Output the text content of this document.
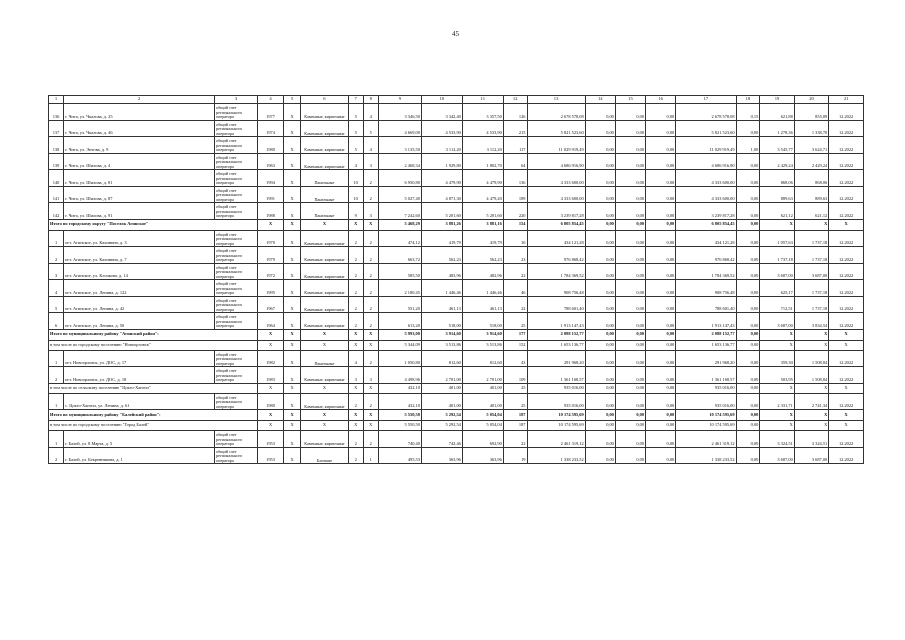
45
1	2	3	4	5	6	7	8	9	10	11	12	13	14	15	16	17	18	19	20	21
136	г. Чита, ул. Чкалова, д. 25	общий счет регионального оператора	1977	X	Каменные, кирпичные	5	4	3 346,50	3 342,40	3 357,50	126	2 678 578,08	0,00	0,00	0,00	2 678 578,08	0,15	621,88	855,09	12.2022
137	г. Чита, ул. Чкалова, д. 46	общий счет регионального оператора	1974	X	Каменные, кирпичные	5	5	4 669,00	4 533,90	4 533,90	215	5 821 523,60	0,00	0,00	0,00	5 821 523,60	0,00	1 278,36	1 338,70	12.2022
138	г. Чита, ул. Энтова, д. 9	общий счет регионального оператора	1980	X	Каменные, кирпичные	5	4	3 135,50	3 112,20	3 112,20	117	11 029 919,49	0,00	0,00	0,00	11 029 919,49	1,00	3 545,77	3 624,71	12.2022
139	г. Чита, ул. Шилова, д. 4	общий счет регионального оператора	1963	X	Каменные, кирпичные	4	3	2 468,34	1 929,80	1 802,70	64	4 686 916,90	0,00	0,00	0,00	4 686 916,90	0,00	2 429,24	2 429,24	12.2022
140	г. Чита, ул. Шилова, д. 81	общий счет регионального оператора	1994	X	Панельные	10	2	6 950,80	4 479,90	4 479,90	136	4 333 600,00	0,00	0,00	0,00	4 333 600,00	0,00	868,06	868,06	12.2022
141	г. Чита, ул. Шилова, д. 87	общий счет регионального оператора	1991	X	Панельные	10	2	5 027,40	4 871,30	4 479,20	189	4 333 600,00	0,00	0,00	0,00	4 333 600,00	0,00	889,63	889,63	12.2022
142	г. Чита, ул. Шилова, д. 91	общий счет регионального оператора	1988	X	Панельные	9	3	7 242,60	5 201,60	5 201,60	220	3 239 817,28	0,00	0,00	0,00	3 239 817,28	0,00	621,12	621,12	12.2022
Итого по городскому округу "Поселок Агинское"			X	X	X	X	X	5 468,29	3 881,26	3 881,16	154	6 805 854,45	0,00	0,00	0,00	6 805 854,45	0,00	X	X	X
1	пгт. Агинское, ул. Калинина, д. 3	общий счет регионального оператора	1970	X	Каменные, кирпичные	2	2	474,12	419,79	419,79	16	434 121,28	0,00	0,00	0,00	434 121,28	0,00	1 057,63	1 737,18	12.2022
2	пгт. Агинское, ул. Калинина, д. 7	общий счет регионального оператора	1979	X	Каменные, кирпичные	2	2	663,72	562,23	562,23	23	976 868,42	0,00	0,00	0,00	976 868,42	0,00	1 737,18	1 737,18	12.2022
3	пгт. Агинское, ул. Клочкова, д. 14	общий счет регионального оператора	1972	X	Каменные, кирпичные	2	2	585,50	483,96	482,96	22	1 784 369,52	0,00	0,00	0,00	1 784 369,52	0,00	3 687,00	3 687,00	12.2022
4	пгт. Агинское, ул. Ленина, д. 122	общий счет регионального оператора	1995	X	Каменные, кирпичные	2	2	2 180,45	1 446,46	1 446,46	46	908 756,48	0,00	0,00	0,00	908 756,48	0,00	625,17	1 737,18	12.2022
5	пгт. Агинское, ул. Ленина, д. 42	общий счет регионального оператора	1967	X	Каменные, кирпичные	2	2	551,20	461,13	461,13	22	788 601,40	0,00	0,00	0,00	788 601,40	0,00	712,51	1 737,18	12.2022
6	пгт. Агинское, ул. Ленина, д. 50	общий счет регионального оператора	1964	X	Каменные, кирпичные	2	2	613,20	518,00	518,00	25	1 913 147,43	0,00	0,00	0,00	1 913 147,43	0,00	3 687,00	3 834,54	12.2022
Итого по муниципальному району "Агинский район":			X	X	X	X	X	5 993,00	3 914,60	3 914,60	177	2 088 152,77	0,00	0,00	0,00	2 088 152,77	0,00	X	X	X
в том числе по городскому поселению "Новоорловск"			X	X	X	X	X	5 344,09	3 513,86	3 513,86	152	1 653 136,77	0,00	0,00	0,00	1 653 136,77	0,00	X	X	X
1	пгт. Новоорловск, ул. ДОС, д. 17	общий счет регионального оператора	1982	X	Панельные	4	2	1 050,80	812,60	812,60	43	291 968,20	0,00	0,00	0,00	291 968,20	0,00	359,30	1 508,84	12.2022
2	пгт. Новоорловск, ул. ДОС, д. 18	общий счет регионального оператора	1983	X	Каменные, кирпичные	3	3	4 498,96	2 701,00	2 701,00	109	1 361 168,57	0,00	0,00	0,00	1 361 168,57	0,00	503,95	1 508,84	12.2022
в том числе по сельскому поселению "Цокто-Хангил"			X	X	X	X	X	432,10	401,00	401,00	25	935 016,00	0,00	0,00	0,00	935 016,00	0,00	X	X	X
1	с. Цокто-Хангил, ул. Ленина, д. 61	общий счет регионального оператора	1980	X	Каменные, кирпичные	2	2	432,10	401,00	401,00	25	935 016,00	0,00	0,00	0,00	935 016,00	0,00	2 331,71	2 741,34	12.2022
Итого по муниципальному району "Балейский район":			X	X	X	X	X	5 550,50	5 292,54	5 054,04	187	10 174 595,69	0,00	0,00	0,00	10 174 595,69	0,00	X	X	X
в том числе по городскому поселению "Город Балей"			X	X	X	X	X	5 550,50	5 292,54	5 054,04	187	10 174 595,69	0,00	0,00	0,00	10 174 595,69	0,00	X	X	X
1	г. Балей, ул. 8 Марта, д. 5	общий счет регионального оператора	1953	X	Каменные, кирпичные	2	2	740,40	742,46	692,90	22	2 461 319,12	0,00	0,00	0,00	2 461 319,12	0,00	3 324,51	3 324,51	12.2022
2	г. Балей, ул. Бекренникова, д. 1	общий счет регионального оператора	1953	X	Блочные	2	1	495,53	363,96	363,96	19	1 338 233,52	0,00	0,00	0,00	1 338 233,52	0,00	3 687,00	3 687,00	12.2022
